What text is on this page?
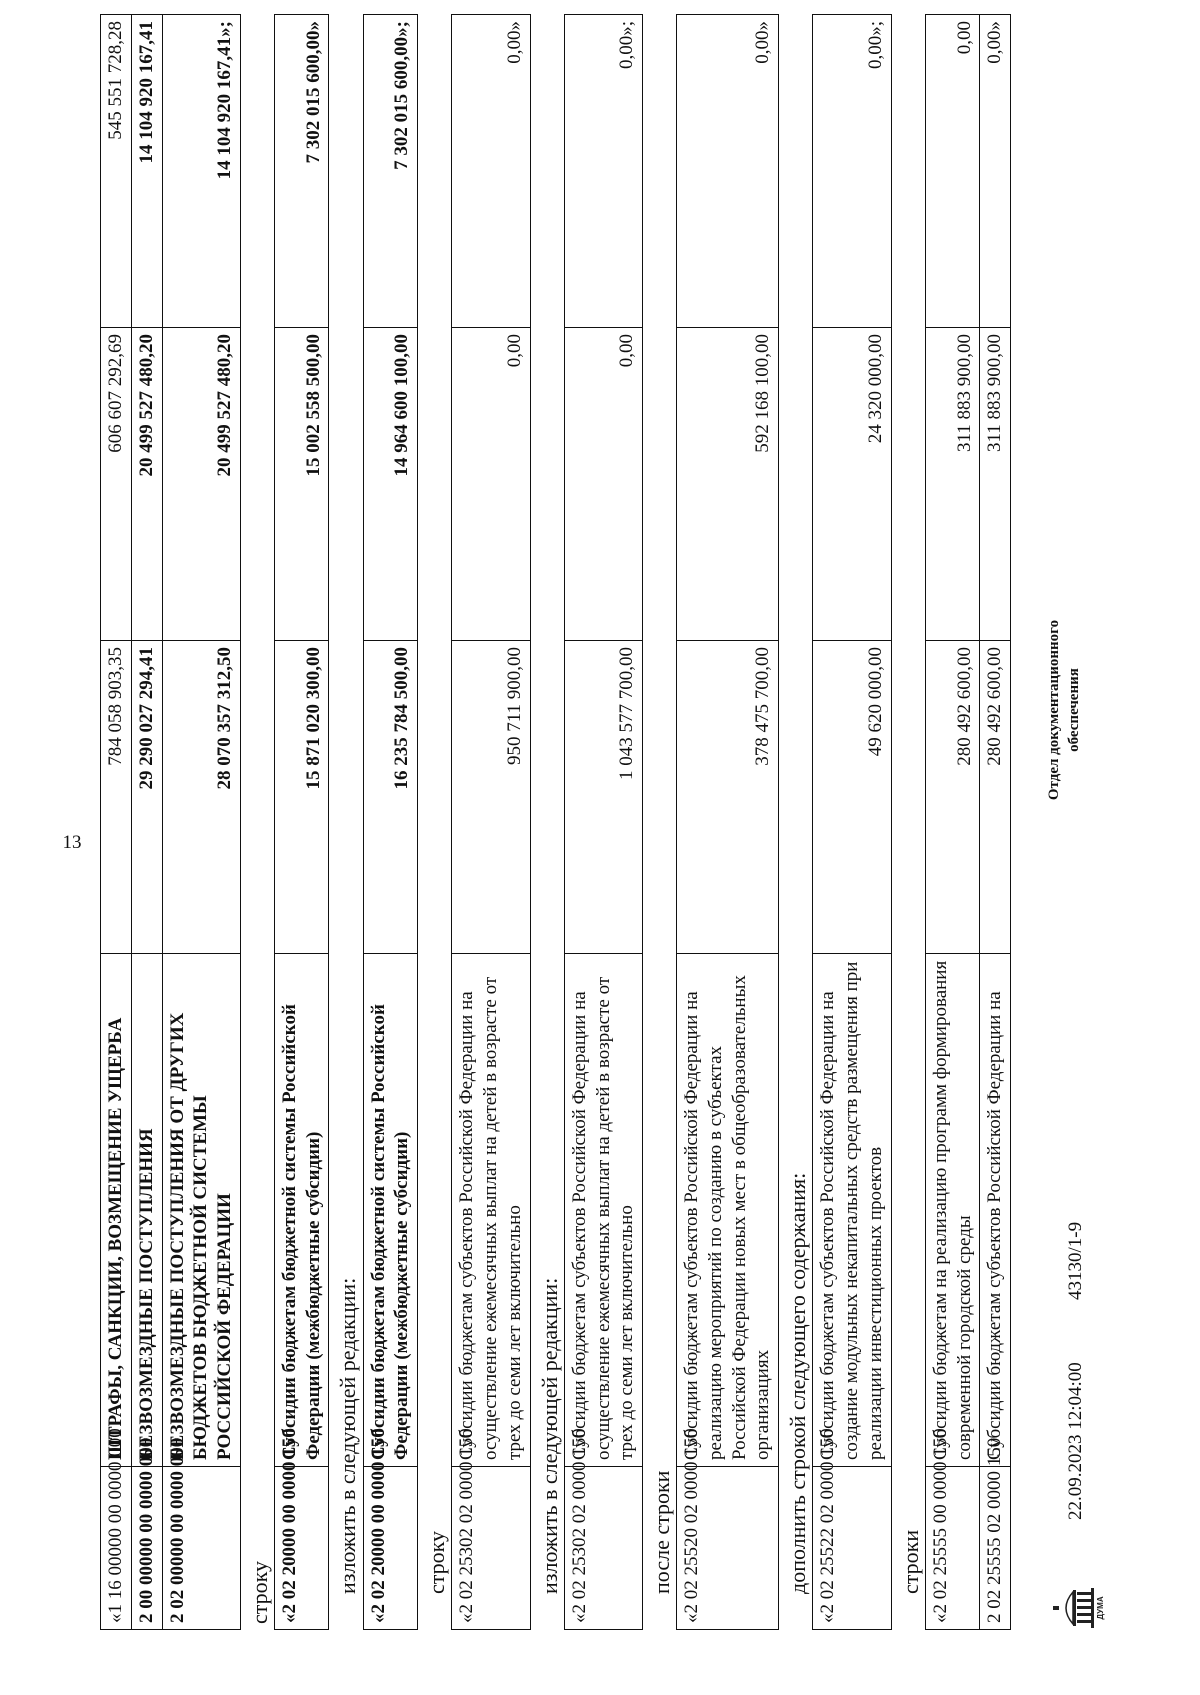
13
«1 16 00000 00 0000 000	ШТРАФЫ, САНКЦИИ, ВОЗМЕЩЕНИЕ УЩЕРБА	784 058 903,35	606 607 292,69	545 551 728,28
2 00 00000 00 0000 000	БЕЗВОЗМЕЗДНЫЕ ПОСТУПЛЕНИЯ	29 290 027 294,41	20 499 527 480,20	14 104 920 167,41
2 02 00000 00 0000 000	БЕЗВОЗМЕЗДНЫЕ ПОСТУПЛЕНИЯ ОТ ДРУГИХ БЮДЖЕТОВ БЮДЖЕТНОЙ СИСТЕМЫ РОССИЙСКОЙ ФЕДЕРАЦИИ	28 070 357 312,50	20 499 527 480,20	14 104 920 167,41»;
строку «2 02 20000 00 0000 150	Субсидии бюджетам бюджетной системы Российской Федерации (межбюджетные субсидии)	15 871 020 300,00	15 002 558 500,00	7 302 015 600,00»
изложить в следующей редакции: «2 02 20000 00 0000 150	Субсидии бюджетам бюджетной системы Российской Федерации (межбюджетные субсидии)	16 235 784 500,00	14 964 600 100,00	7 302 015 600,00»;
строку «2 02 25302 02 0000 150	Субсидии бюджетам субъектов Российской Федерации на осуществление ежемесячных выплат на детей в возрасте от трех до семи лет включительно	950 711 900,00	0,00	0,00»
изложить в следующей редакции: «2 02 25302 02 0000 150	Субсидии бюджетам субъектов Российской Федерации на осуществление ежемесячных выплат на детей в возрасте от трех до семи лет включительно	1 043 577 700,00	0,00	0,00»;
после строки «2 02 25520 02 0000 150	Субсидии бюджетам субъектов Российской Федерации на реализацию мероприятий по созданию в субъектах Российской Федерации новых мест в общеобразовательных организациях	378 475 700,00	592 168 100,00	0,00»
дополнить строкой следующего содержания: «2 02 25522 02 0000 150	Субсидии бюджетам субъектов Российской Федерации на создание модульных некапитальных средств размещения при реализации инвестиционных проектов	49 620 000,00	24 320 000,00	0,00»;
строки «2 02 25555 00 0000 150	Субсидии бюджетам на реализацию программ формирования современной городской среды	280 492 600,00	311 883 900,00	0,00
2 02 25555 02 0000 150	Субсидии бюджетам субъектов Российской Федерации на	280 492 600,00	311 883 900,00	0,00»
ДУМА
22.09.2023 12:04:00
43130/1-9
Отдел документационного обеспечения
